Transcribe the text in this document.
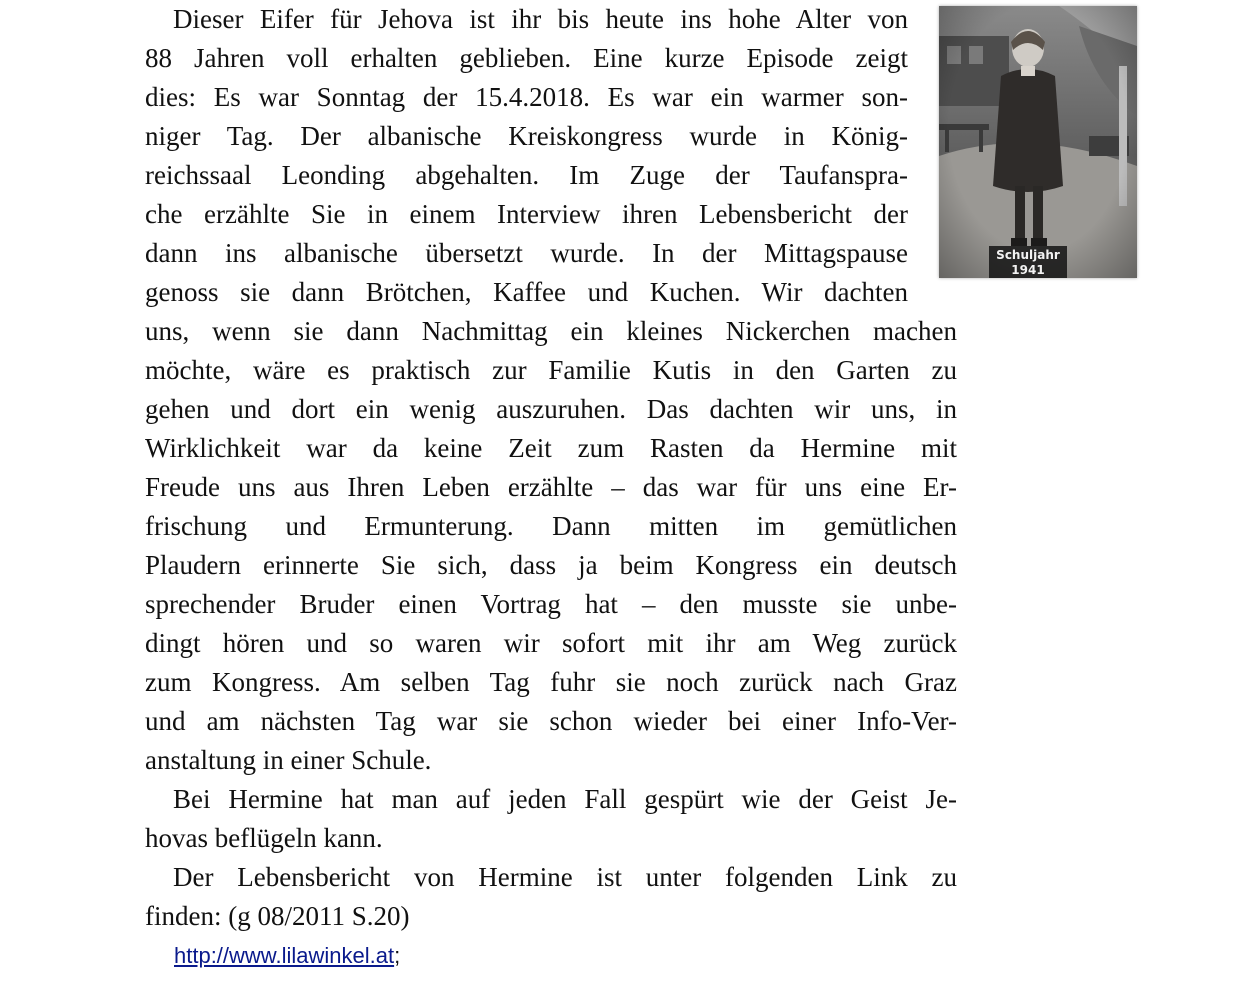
Schuljahr
1941
Dieser Eifer für Jehova ist ihr bis heute ins hohe Alter von
88 Jahren voll erhalten geblieben. Eine kurze Episode zeigt
dies: Es war Sonntag der 15.4.2018. Es war ein warmer son-
niger Tag. Der albanische Kreiskongress wurde in König-
reichssaal Leonding abgehalten. Im Zuge der Taufanspra-
che erzählte Sie in einem Interview ihren Lebensbericht der
dann ins albanische übersetzt wurde. In der Mittagspause
genoss sie dann Brötchen, Kaffee und Kuchen. Wir dachten
uns, wenn sie dann Nachmittag ein kleines Nickerchen machen
möchte, wäre es praktisch zur Familie Kutis in den Garten zu
gehen und dort ein wenig auszuruhen. Das dachten wir uns, in
Wirklichkeit war da keine Zeit zum Rasten da Hermine mit
Freude uns aus Ihren Leben erzählte – das war für uns eine Er-
frischung und Ermunterung. Dann mitten im gemütlichen
Plaudern erinnerte Sie sich, dass ja beim Kongress ein deutsch
sprechender Bruder einen Vortrag hat – den musste sie unbe-
dingt hören und so waren wir sofort mit ihr am Weg zurück
zum Kongress. Am selben Tag fuhr sie noch zurück nach Graz
und am nächsten Tag war sie schon wieder bei einer Info-Ver-
anstaltung in einer Schule.
Bei Hermine hat man auf jeden Fall gespürt wie der Geist Je-
hovas beflügeln kann.
Der Lebensbericht von Hermine ist unter folgenden Link zu
finden: (g 08/2011 S.20)
http://www.lilawinkel.at;
